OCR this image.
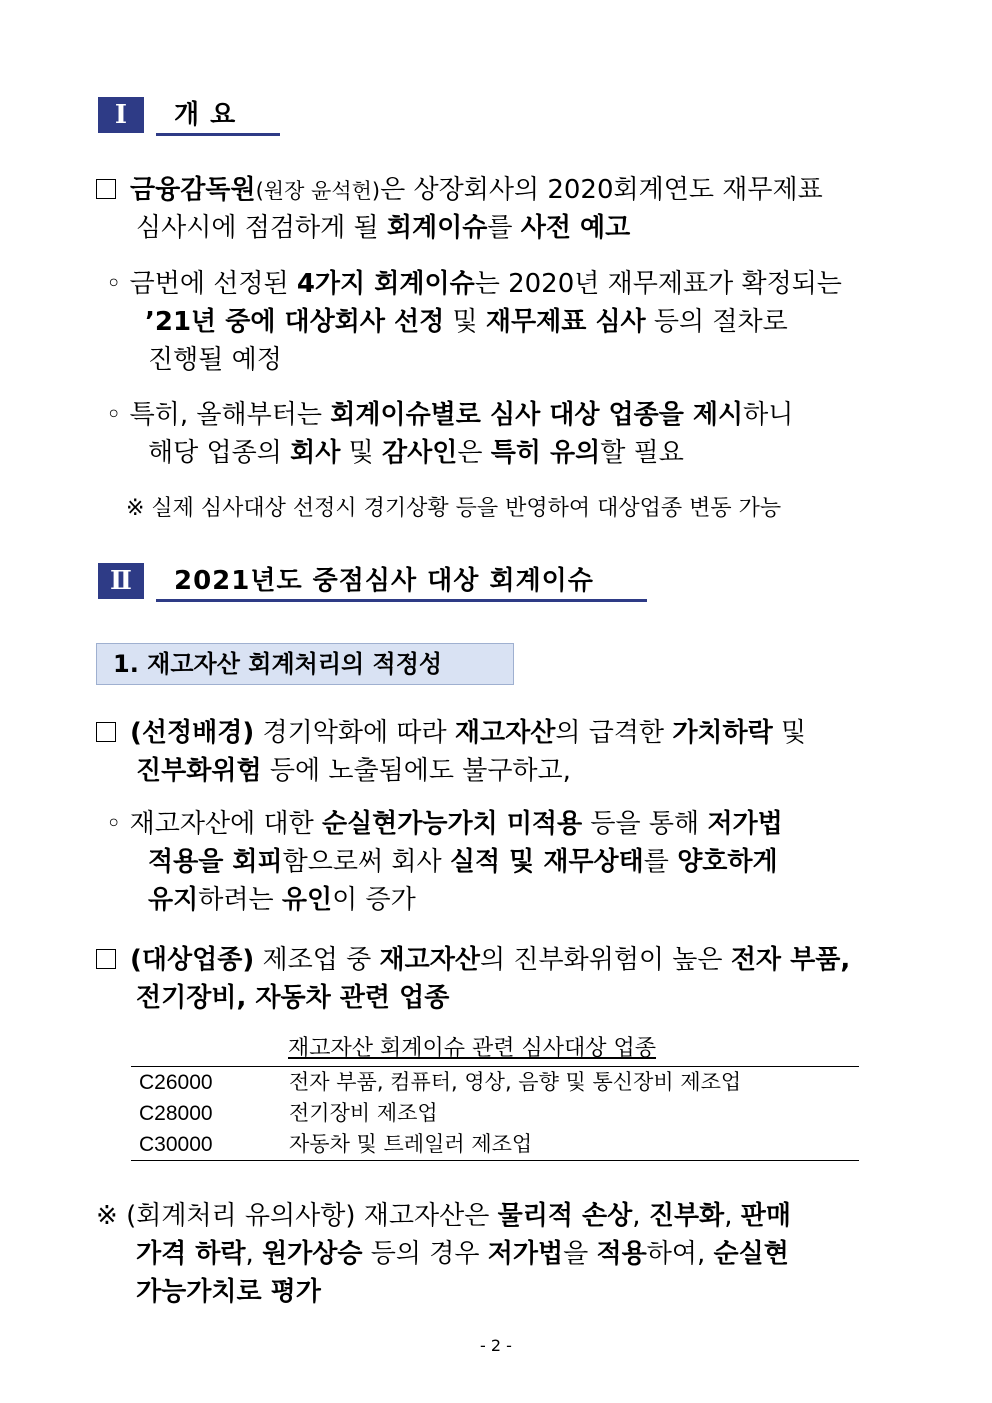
Ⅰ	개 요
금융감독원(원장 윤석헌)은 상장회사의 2020회계연도 재무제표
심사시에 점검하게 될 회계이슈를 사전 예고
◦ 금번에 선정된 4가지 회계이슈는 2020년 재무제표가 확정되는
’21년 중에 대상회사 선정 및 재무제표 심사 등의 절차로
진행될 예정
◦ 특히, 올해부터는 회계이슈별로 심사 대상 업종을 제시하니
해당 업종의 회사 및 감사인은 특히 유의할 필요
※ 실제 심사대상 선정시 경기상황 등을 반영하여 대상업종 변동 가능
Ⅱ	2021년도 중점심사 대상 회계이슈
1. 재고자산 회계처리의 적정성
(선정배경) 경기악화에 따라 재고자산의 급격한 가치하락 및
진부화위험 등에 노출됨에도 불구하고,
◦ 재고자산에 대한 순실현가능가치 미적용 등을 통해 저가법
적용을 회피함으로써 회사 실적 및 재무상태를 양호하게
유지하려는 유인이 증가
(대상업종) 제조업 중 재고자산의 진부화위험이 높은 전자 부품,
전기장비, 자동차 관련 업종
재고자산 회계이슈 관련 심사대상 업종
C26000	전자 부품, 컴퓨터, 영상, 음향 및 통신장비 제조업
C28000	전기장비 제조업
C30000	자동차 및 트레일러 제조업
※ (회계처리 유의사항) 재고자산은 물리적 손상, 진부화, 판매
가격 하락, 원가상승 등의 경우 저가법을 적용하여, 순실현
가능가치로 평가
- 2 -
